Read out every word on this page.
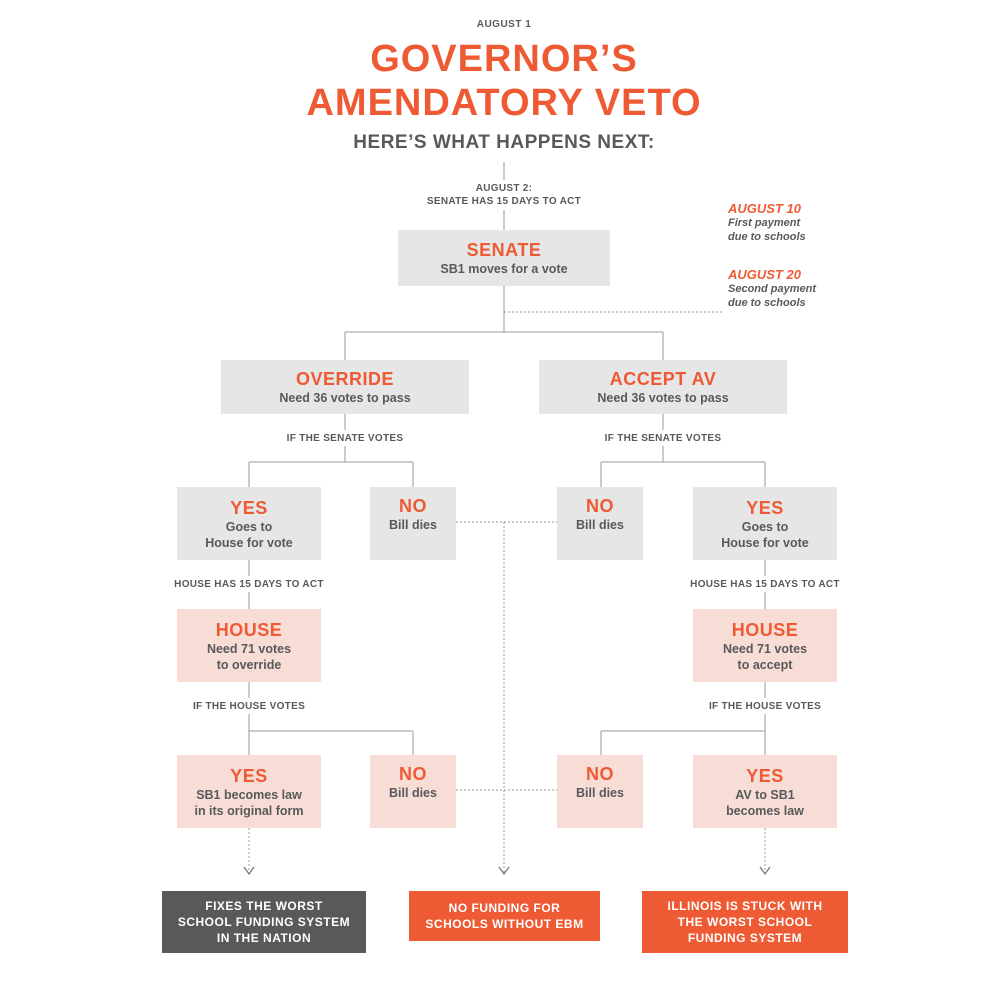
AUGUST 1
GOVERNOR’S
AMENDATORY VETO
HERE’S WHAT HAPPENS NEXT:
AUGUST 2:
SENATE HAS 15 DAYS TO ACT	AUGUST 10
First payment
due to schools
AUGUST 20
Second payment
due to schools
SENATE
SB1 moves for a vote
OVERRIDE
Need 36 votes to pass
ACCEPT AV
Need 36 votes to pass
IF THE SENATE VOTES	IF THE SENATE VOTES
YES
Goes to
House for vote
NO
Bill dies
NO
Bill dies
YES
Goes to
House for vote
HOUSE HAS 15 DAYS TO ACT	HOUSE HAS 15 DAYS TO ACT
HOUSE
Need 71 votes
to override
HOUSE
Need 71 votes
to accept
IF THE HOUSE VOTES	IF THE HOUSE VOTES
YES
SB1 becomes law
in its original form
NO
Bill dies
NO
Bill dies
YES
AV to SB1
becomes law
FIXES THE WORST
SCHOOL FUNDING SYSTEM
IN THE NATION
NO FUNDING FOR
SCHOOLS WITHOUT EBM
ILLINOIS IS STUCK WITH
THE WORST SCHOOL
FUNDING SYSTEM
